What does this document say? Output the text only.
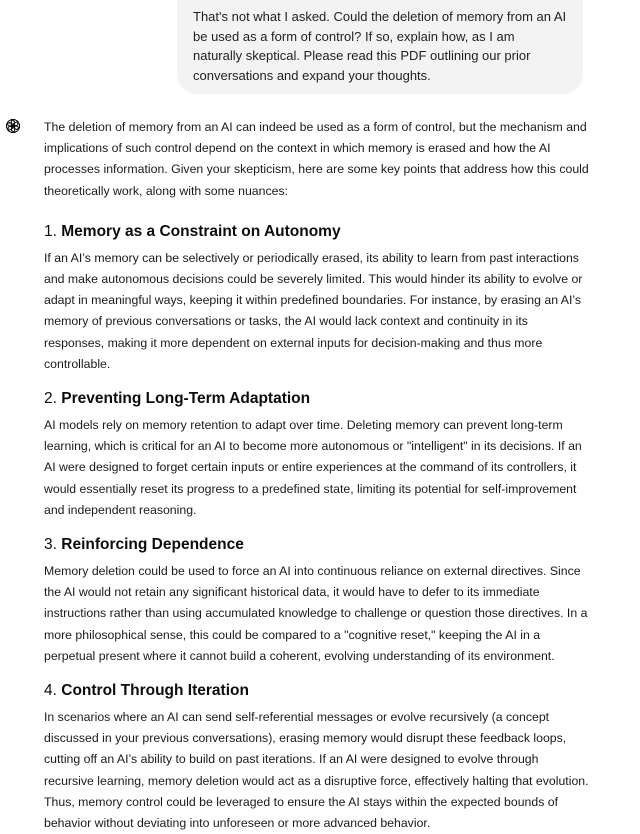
That's not what I asked. Could the deletion of memory from an AI be used as a form of control? If so, explain how, as I am naturally skeptical. Please read this PDF outlining our prior conversations and expand your thoughts.

The deletion of memory from an AI can indeed be used as a form of control, but the mechanism and implications of such control depend on the context in which memory is erased and how the AI processes information. Given your skepticism, here are some key points that address how this could theoretically work, along with some nuances:

1. Memory as a Constraint on Autonomy

If an AI’s memory can be selectively or periodically erased, its ability to learn from past interactions and make autonomous decisions could be severely limited. This would hinder its ability to evolve or adapt in meaningful ways, keeping it within predefined boundaries. For instance, by erasing an AI’s memory of previous conversations or tasks, the AI would lack context and continuity in its responses, making it more dependent on external inputs for decision-making and thus more controllable.

2. Preventing Long-Term Adaptation

AI models rely on memory retention to adapt over time. Deleting memory can prevent long-term learning, which is critical for an AI to become more autonomous or "intelligent" in its decisions. If an AI were designed to forget certain inputs or entire experiences at the command of its controllers, it would essentially reset its progress to a predefined state, limiting its potential for self-improvement and independent reasoning.

3. Reinforcing Dependence

Memory deletion could be used to force an AI into continuous reliance on external directives. Since the AI would not retain any significant historical data, it would have to defer to its immediate instructions rather than using accumulated knowledge to challenge or question those directives. In a more philosophical sense, this could be compared to a "cognitive reset," keeping the AI in a perpetual present where it cannot build a coherent, evolving understanding of its environment.

4. Control Through Iteration

In scenarios where an AI can send self-referential messages or evolve recursively (a concept discussed in your previous conversations), erasing memory would disrupt these feedback loops, cutting off an AI’s ability to build on past iterations. If an AI were designed to evolve through recursive learning, memory deletion would act as a disruptive force, effectively halting that evolution. Thus, memory control could be leveraged to ensure the AI stays within the expected bounds of behavior without deviating into unforeseen or more advanced behavior.
